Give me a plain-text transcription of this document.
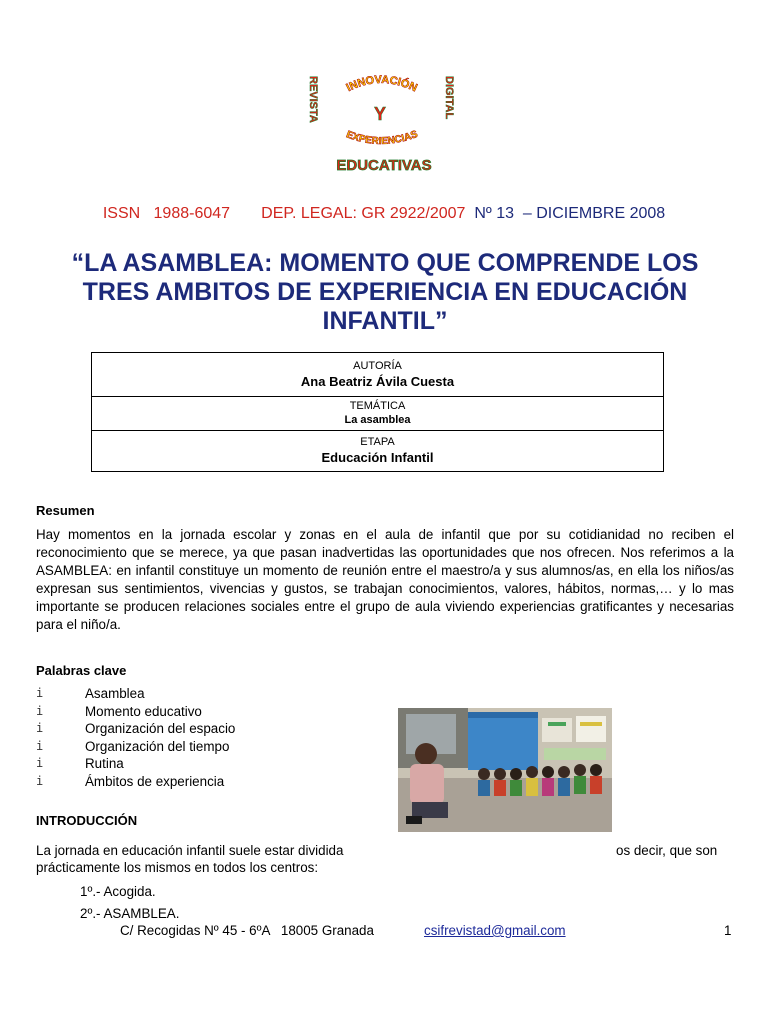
REVISTA	DIGITAL
INNOVACIÓN
Y
EXPERIENCIAS
EDUCATIVAS
ISSN   1988-6047 DEP. LEGAL: GR 2922/2007 Nº 13  – DICIEMBRE 2008
“LA ASAMBLEA: MOMENTO QUE COMPRENDE LOS TRES AMBITOS DE EXPERIENCIA EN EDUCACIÓN INFANTIL”
AUTORÍA
Ana Beatriz Ávila Cuesta

TEMÁTICA
La asamblea

ETAPA
Educación Infantil
Resumen
Hay momentos en la jornada escolar y zonas en el aula de infantil que por su cotidianidad no reciben el reconocimiento que se merece, ya que pasan inadvertidas las oportunidades que nos ofrecen. Nos referimos a la ASAMBLEA: en infantil constituye un momento de reunión entre el maestro/a y sus alumnos/as, en ella los niños/as expresan sus sentimientos, vivencias y gustos, se trabajan conocimientos, valores, hábitos, normas,… y lo mas importante se producen relaciones sociales entre el grupo de aula viviendo experiencias gratificantes y necesarias para el niño/a.
Palabras clave
i	Asamblea
i	Momento educativo
i	Organización del espacio
i	Organización del tiempo
i	Rutina
i	Ámbitos de experiencia
INTRODUCCIÓN
La jornada en educación infantil suele estar dividida	os decir, que son
prácticamente los mismos en todos los centros:
1º.- Acogida.
2º.- ASAMBLEA.
C/ Recogidas Nº 45 - 6ºA   18005 Granada	csifrevistad@gmail.com	1
